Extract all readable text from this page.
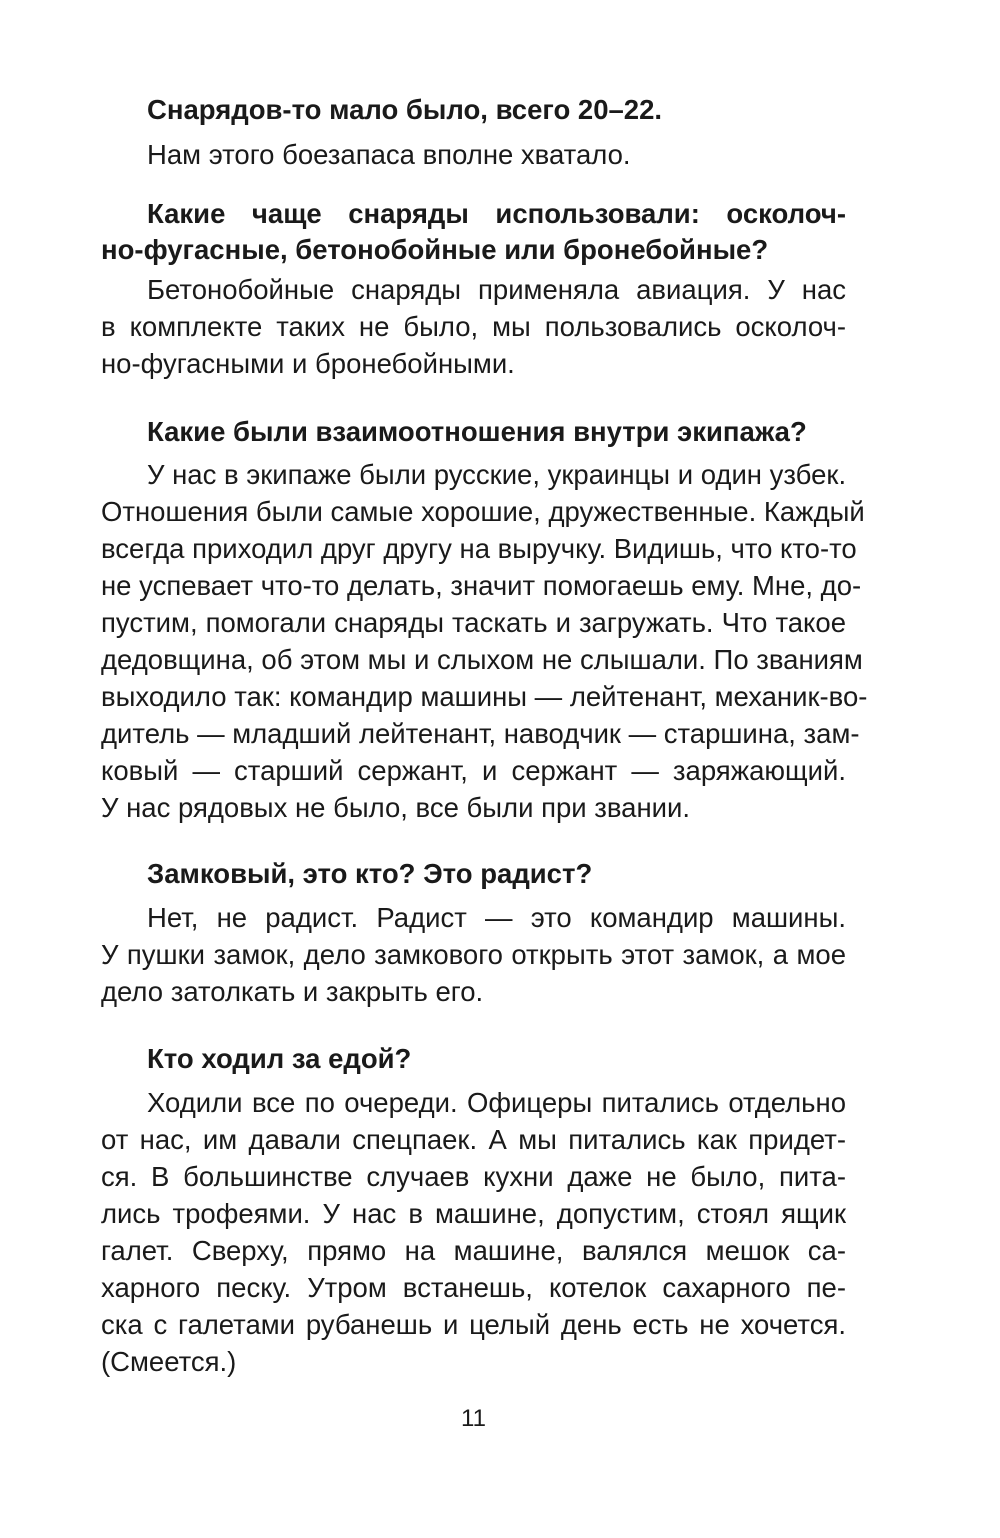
Снарядов-то мало было, всего 20–22.
Нам этого боезапаса вполне хватало.
Какие чаще снаряды использовали: осколоч-
но-фугасные, бетонобойные или бронебойные?
Бетонобойные снаряды применяла авиация. У нас
в комплекте таких не было, мы пользовались осколоч-
но-фугасными и бронебойными.
Какие были взаимоотношения внутри экипажа?
У нас в экипаже были русские, украинцы и один узбек.
Отношения были самые хорошие, дружественные. Каждый
всегда приходил друг другу на выручку. Видишь, что кто-то
не успевает что-то делать, значит помогаешь ему. Мне, до-
пустим, помогали снаряды таскать и загружать. Что такое
дедовщина, об этом мы и слыхом не слышали. По званиям
выходило так: командир машины — лейтенант, механик-во-
дитель — младший лейтенант, наводчик — старшина, зам-
ковый — старший сержант, и сержант — заряжающий.
У нас рядовых не было, все были при звании.
Замковый, это кто? Это радист?
Нет, не радист. Радист — это командир машины.
У пушки замок, дело замкового открыть этот замок, а мое
дело затолкать и закрыть его.
Кто ходил за едой?
Ходили все по очереди. Офицеры питались отдельно
от нас, им давали спецпаек. А мы питались как придет-
ся. В большинстве случаев кухни даже не было, пита-
лись трофеями. У нас в машине, допустим, стоял ящик
галет. Сверху, прямо на машине, валялся мешок са-
харного песку. Утром встанешь, котелок сахарного пе-
ска с галетами рубанешь и целый день есть не хочется.
(Смеется.)
11
